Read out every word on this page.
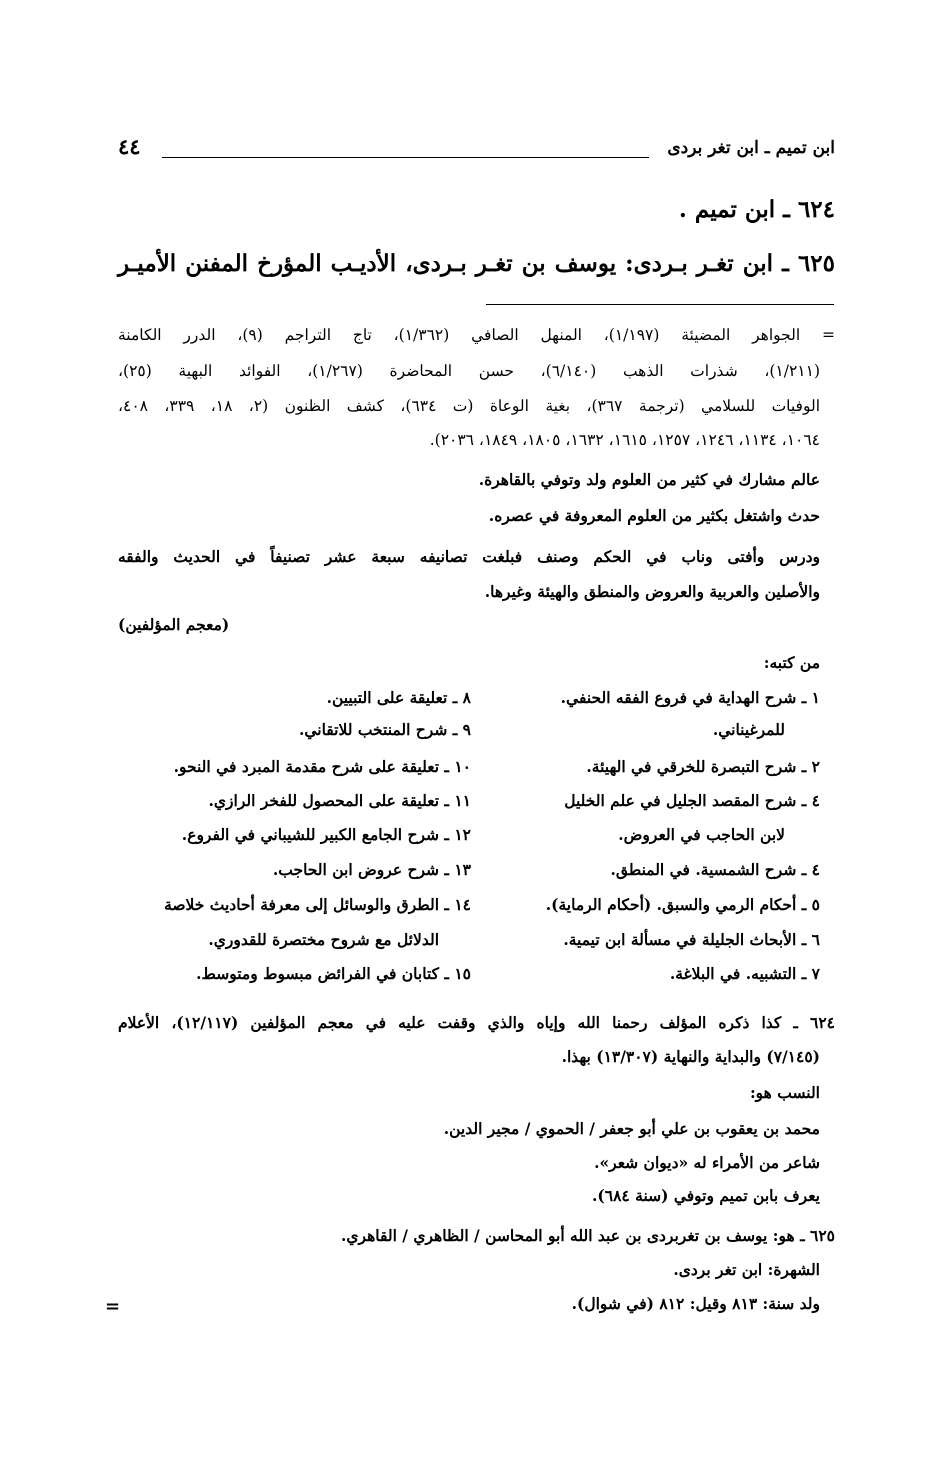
ابن تميم ـ ابن تغر بردى
٤٤
٦٢٤ ـ ابن تميم .
٦٢٥ ـ ابن تغـر بـردى: يوسف بن تغـر بـردى، الأديـب المؤرخ المفنن الأميـر
= الجواهر المضيئة (١/١٩٧)، المنهل الصافي (١/٣٦٢)، تاج التراجم (٩)، الدرر الكامنة
(١/٢١١)، شذرات الذهب (٦/١٤٠)، حسن المحاضرة (١/٢٦٧)، الفوائد البهية (٢٥)،
الوفيات للسلامي (ترجمة ٣٦٧)، بغية الوعاة (ت ٦٣٤)، كشف الظنون (٢، ١٨، ٣٣٩، ٤٠٨،
١٠٦٤، ١١٣٤، ١٢٤٦، ١٢٥٧، ١٦١٥، ١٦٣٢، ١٨٠٥، ١٨٤٩، ٢٠٣٦).
عالم مشارك في كثير من العلوم ولد وتوفي بالقاهرة.
حدث واشتغل بكثير من العلوم المعروفة في عصره.
ودرس وأفتى وناب في الحكم وصنف فبلغت تصانيفه سبعة عشر تصنيفاً في الحديث والفقه
والأصلين والعربية والعروض والمنطق والهيئة وغيرها.
(معجم المؤلفين)
من كتبه:
١ ـ شرح الهداية في فروع الفقه الحنفي.
للمرغيناني.
٢ ـ شرح التبصرة للخرقي في الهيئة.
٤ ـ شرح المقصد الجليل في علم الخليل
لابن الحاجب في العروض.
٤ ـ شرح الشمسية. في المنطق.
٥ ـ أحكام الرمي والسبق. (أحكام الرماية).
٦ ـ الأبحاث الجليلة في مسألة ابن تيمية.
٧ ـ التشبيه. في البلاغة.
٨ ـ تعليقة على التبيين.
٩ ـ شرح المنتخب للاتقاني.
١٠ ـ تعليقة على شرح مقدمة المبرد في النحو.
١١ ـ تعليقة على المحصول للفخر الرازي.
١٢ ـ شرح الجامع الكبير للشيباني في الفروع.
١٣ ـ شرح عروض ابن الحاجب.
١٤ ـ الطرق والوسائل إلى معرفة أحاديث خلاصة
الدلائل مع شروح مختصرة للقدوري.
١٥ ـ كتابان في الفرائض مبسوط ومتوسط.
٦٢٤ ـ كذا ذكره المؤلف رحمنا الله وإياه والذي وقفت عليه في معجم المؤلفين (١٢/١١٧)، الأعلام
(٧/١٤٥) والبداية والنهاية (١٣/٣٠٧) بهذا.
النسب هو:
محمد بن يعقوب بن علي أبو جعفر / الحموي / مجير الدين.
شاعر من الأمراء له «ديوان شعر».
يعرف بابن تميم وتوفي (سنة ٦٨٤).
٦٢٥ ـ هو: يوسف بن تغربردى بن عبد الله أبو المحاسن / الظاهري / القاهري.
الشهرة: ابن تغر بردى.
ولد سنة: ٨١٣ وقيل: ٨١٢ (في شوال).
=
